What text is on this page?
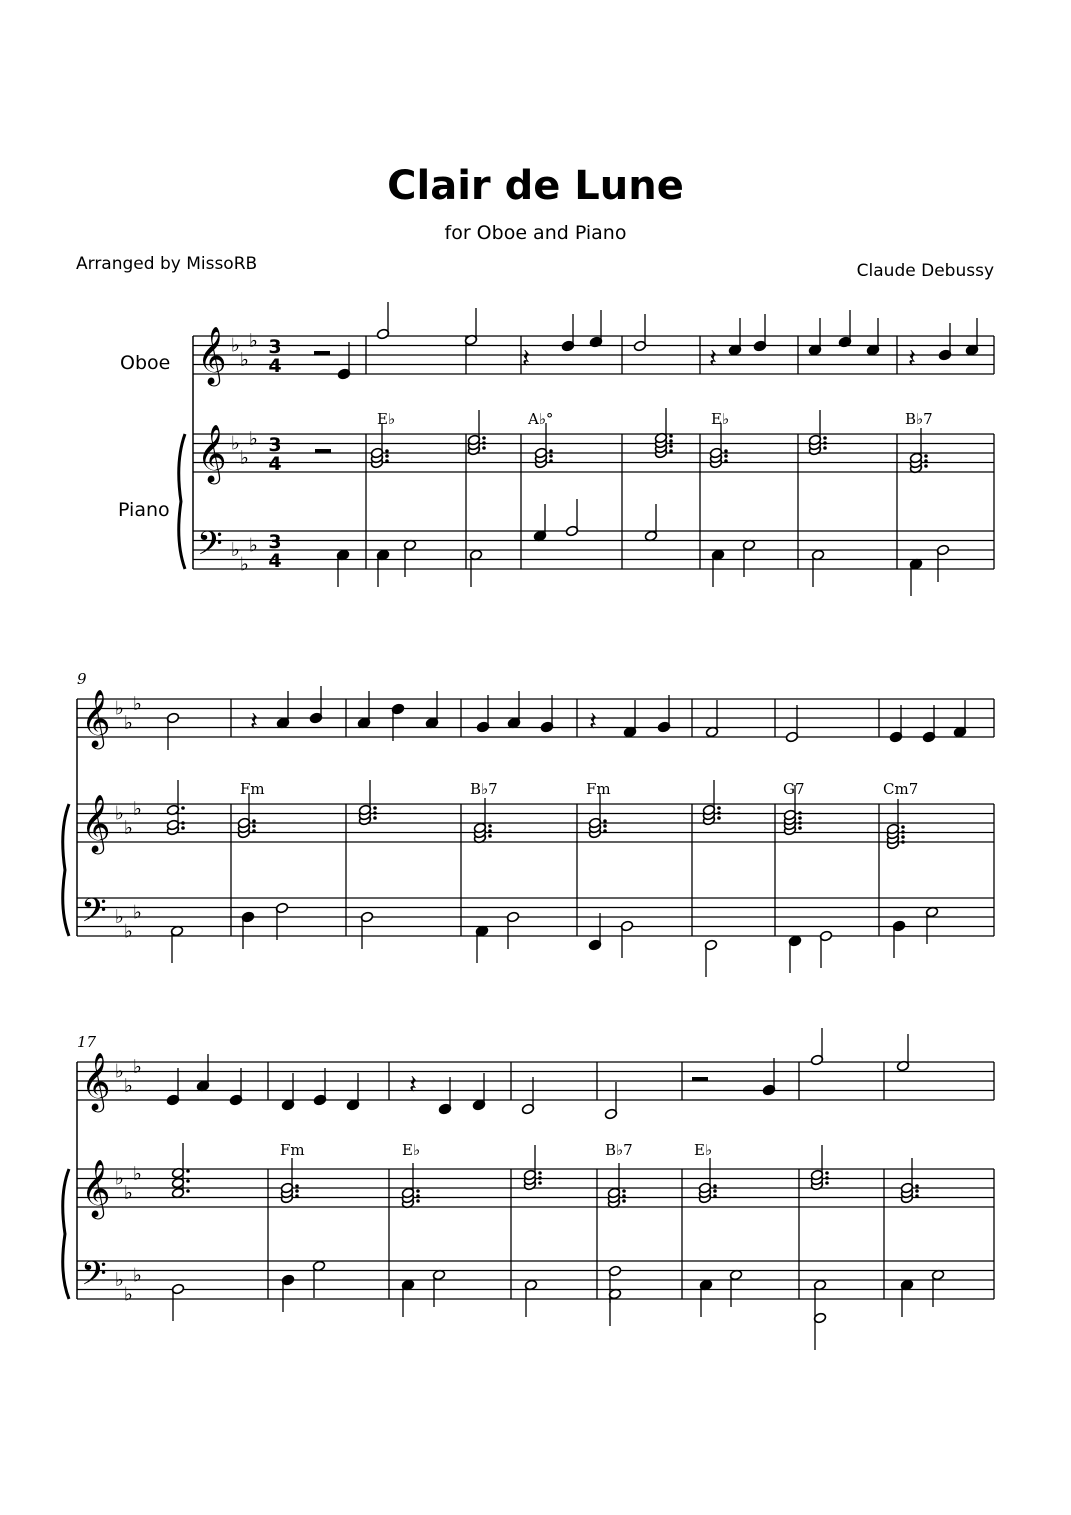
Clair de Lune
for Oboe and Piano
Arranged by MissoRB	Claude Debussy
Oboe
Piano
𝄞
𝄞
𝄢
♭
♭
♭
♭
♭
♭
♭
♭
♭
3
4
3
4
3
4
𝄞
𝄞
𝄢
♭
♭
♭
♭
♭
♭
♭
♭
♭
9
𝄞
𝄞
𝄢
♭
♭
♭
♭
♭
♭
♭
♭
♭
17
E♭	A♭°	E♭	B♭7
Fm	B♭7	Fm	G7	Cm7
Fm	E♭	B♭7	E♭
𝄽	𝄽	𝄽
𝄽	𝄽
𝄽
